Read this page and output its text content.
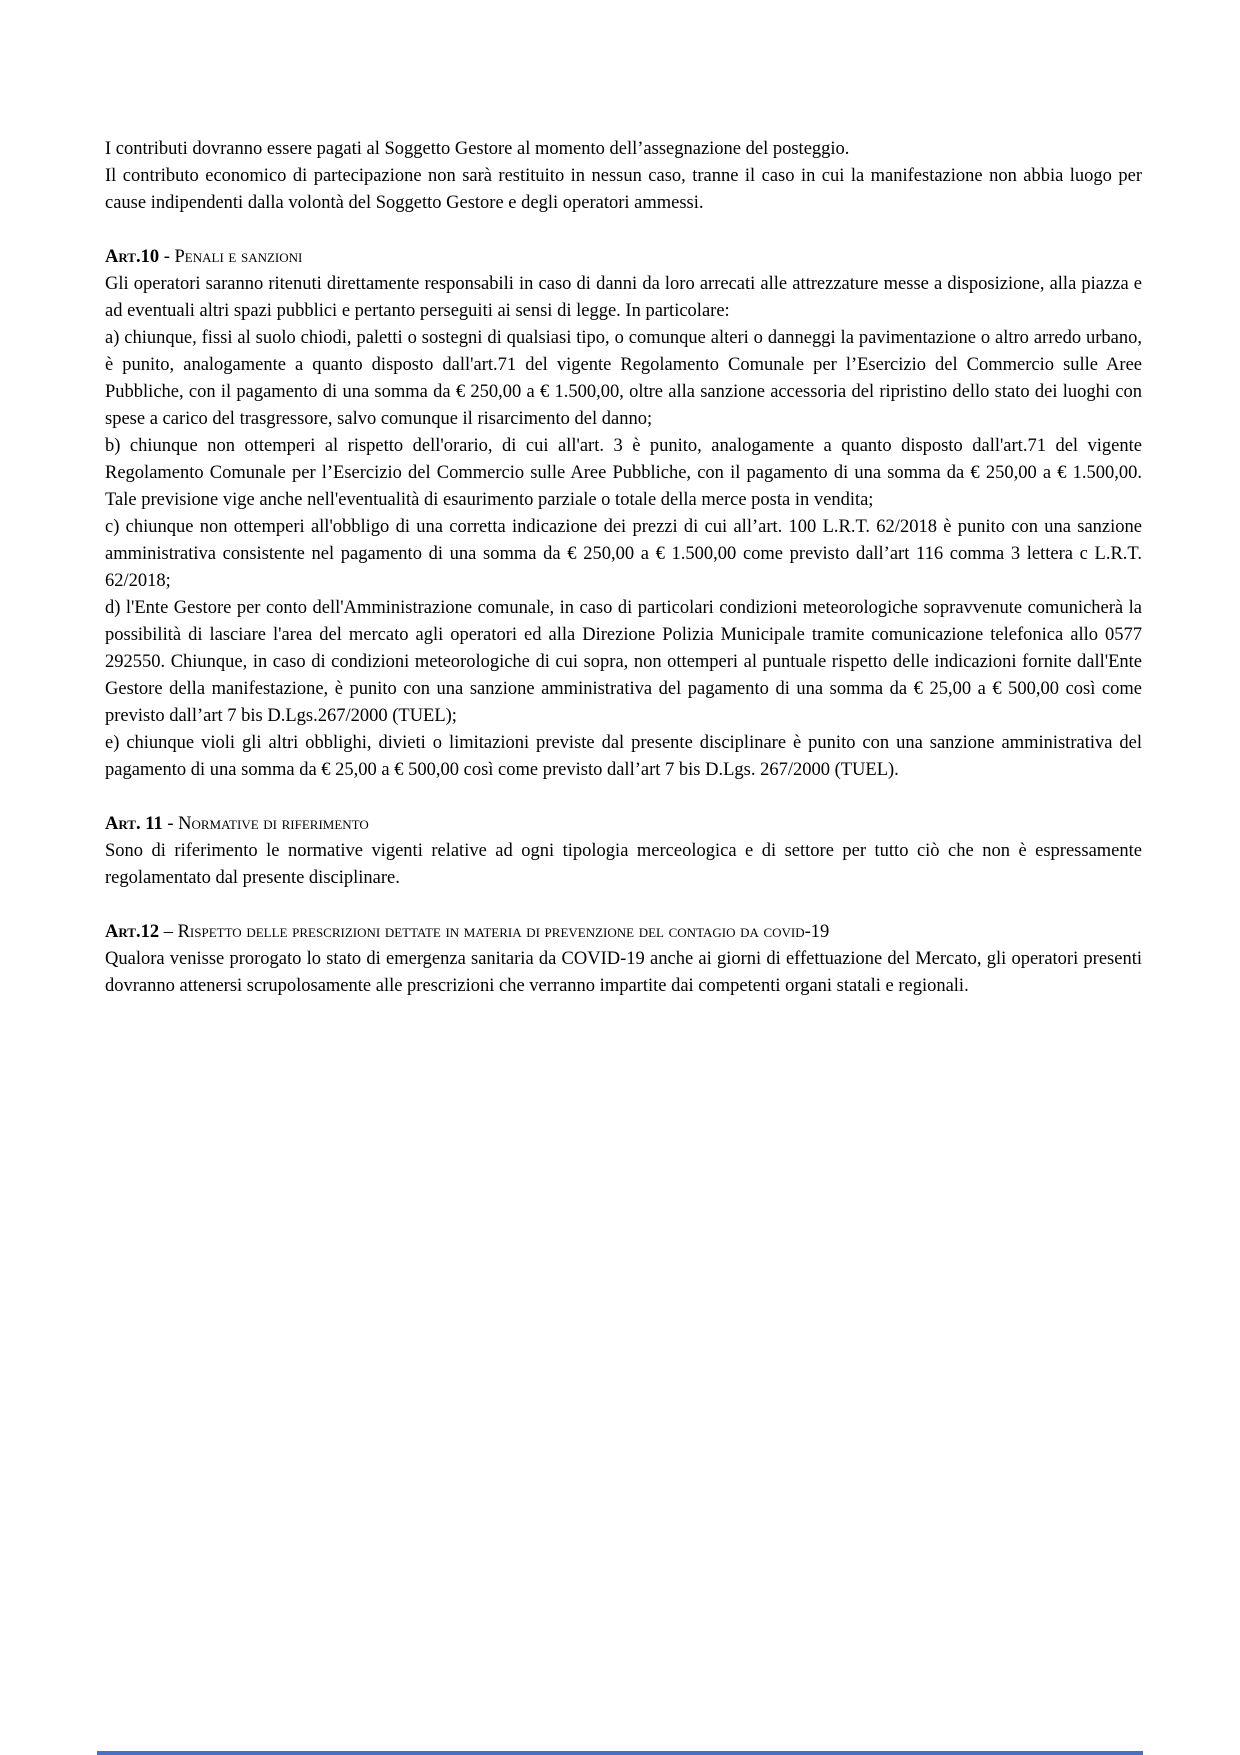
I contributi dovranno essere pagati al Soggetto Gestore al momento dell’assegnazione del posteggio.

Il contributo economico di partecipazione non sarà restituito in nessun caso, tranne il caso in cui la manifestazione non abbia luogo per cause indipendenti dalla volontà del Soggetto Gestore e degli operatori ammessi.

Art.10 - Penali e sanzioni

Gli operatori saranno ritenuti direttamente responsabili in caso di danni da loro arrecati alle attrezzature messe a disposizione, alla piazza e ad eventuali altri spazi pubblici e pertanto perseguiti ai sensi di legge. In particolare:

a) chiunque, fissi al suolo chiodi, paletti o sostegni di qualsiasi tipo, o comunque alteri o danneggi la pavimentazione o altro arredo urbano, è punito, analogamente a quanto disposto dall'art.71 del vigente Regolamento Comunale per l’Esercizio del Commercio sulle Aree Pubbliche, con il pagamento di una somma da € 250,00 a € 1.500,00, oltre alla sanzione accessoria del ripristino dello stato dei luoghi con spese a carico del trasgressore, salvo comunque il risarcimento del danno;

b) chiunque non ottemperi al rispetto dell'orario, di cui all'art. 3 è punito, analogamente a quanto disposto dall'art.71 del vigente Regolamento Comunale per l’Esercizio del Commercio sulle Aree Pubbliche, con il pagamento di una somma da € 250,00 a € 1.500,00. Tale previsione vige anche nell'eventualità di esaurimento parziale o totale della merce posta in vendita;

c) chiunque non ottemperi all'obbligo di una corretta indicazione dei prezzi di cui all’art. 100 L.R.T. 62/2018 è punito con una sanzione amministrativa consistente nel pagamento di una somma da € 250,00 a € 1.500,00 come previsto dall’art 116 comma 3 lettera c L.R.T. 62/2018;

d) l'Ente Gestore per conto dell'Amministrazione comunale, in caso di particolari condizioni meteorologiche sopravvenute comunicherà la possibilità di lasciare l'area del mercato agli operatori ed alla Direzione Polizia Municipale tramite comunicazione telefonica allo 0577 292550. Chiunque, in caso di condizioni meteorologiche di cui sopra, non ottemperi al puntuale rispetto delle indicazioni fornite dall'Ente Gestore della manifestazione, è punito con una sanzione amministrativa del pagamento di una somma da € 25,00 a € 500,00 così come previsto dall’art 7 bis D.Lgs.267/2000 (TUEL);

e) chiunque violi gli altri obblighi, divieti o limitazioni previste dal presente disciplinare è punito con una sanzione amministrativa del pagamento di una somma da € 25,00 a € 500,00 così come previsto dall’art 7 bis D.Lgs. 267/2000 (TUEL).

Art. 11 - Normative di riferimento

Sono di riferimento le normative vigenti relative ad ogni tipologia merceologica e di settore per tutto ciò che non è espressamente regolamentato dal presente disciplinare.

Art.12 – Rispetto delle prescrizioni dettate in materia di prevenzione del contagio da covid-19

Qualora venisse prorogato lo stato di emergenza sanitaria da COVID-19 anche ai giorni di effettuazione del Mercato, gli operatori presenti dovranno attenersi scrupolosamente alle prescrizioni che verranno impartite dai competenti organi statali e regionali.
